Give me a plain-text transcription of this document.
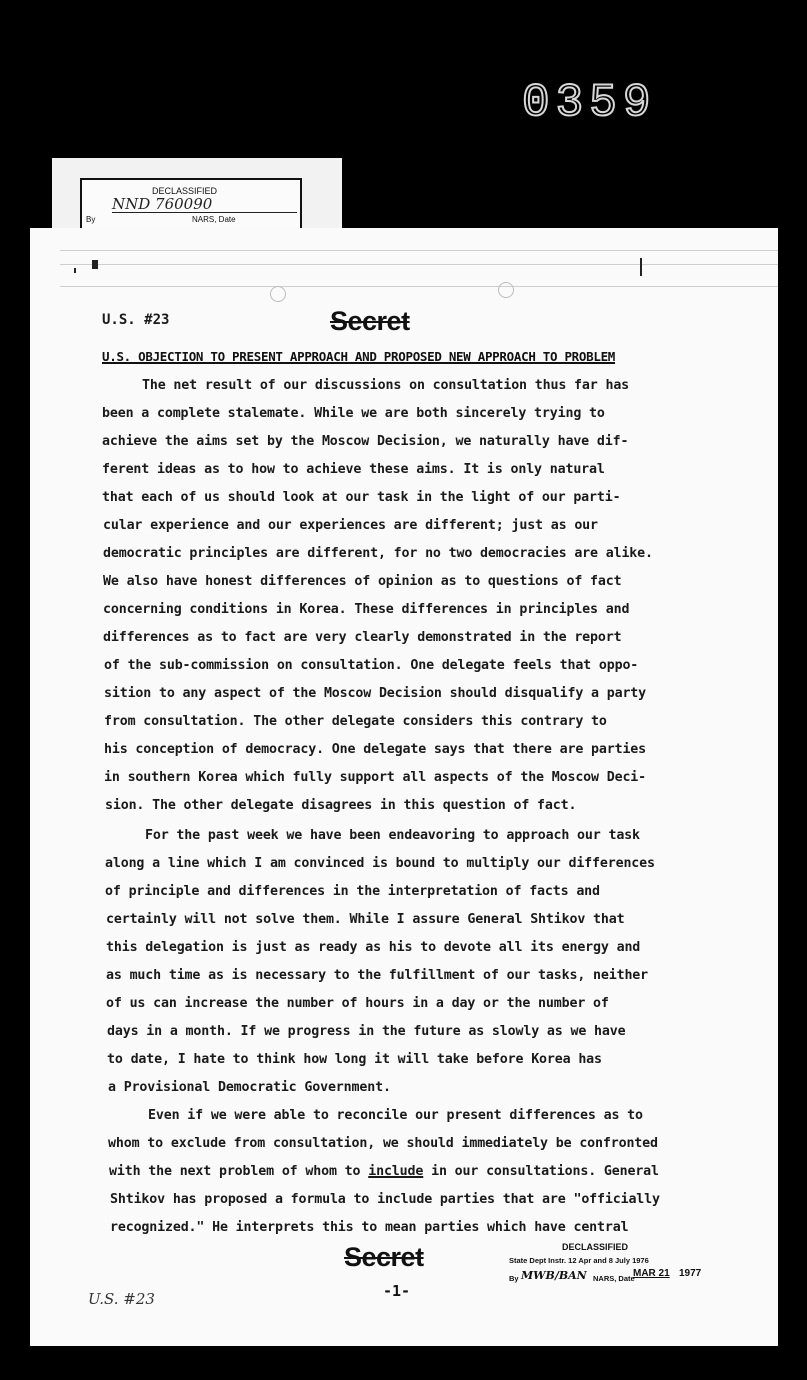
0359
DECLASSIFIED
NND 760090
By	NARS, Date
U.S. #23	Secret
U.S. OBJECTION TO PRESENT APPROACH AND PROPOSED NEW APPROACH TO PROBLEM
The net result of our discussions on consultation thus far has
been a complete stalemate. While we are both sincerely trying to
achieve the aims set by the Moscow Decision, we naturally have dif-
ferent ideas as to how to achieve these aims. It is only natural
that each of us should look at our task in the light of our parti-
cular experience and our experiences are different; just as our
democratic principles are different, for no two democracies are alike.
We also have honest differences of opinion as to questions of fact
concerning conditions in Korea. These differences in principles and
differences as to fact are very clearly demonstrated in the report
of the sub-commission on consultation. One delegate feels that oppo-
sition to any aspect of the Moscow Decision should disqualify a party
from consultation. The other delegate considers this contrary to
his conception of democracy. One delegate says that there are parties
in southern Korea which fully support all aspects of the Moscow Deci-
sion. The other delegate disagrees in this question of fact.
For the past week we have been endeavoring to approach our task
along a line which I am convinced is bound to multiply our differences
of principle and differences in the interpretation of facts and
certainly will not solve them. While I assure General Shtikov that
this delegation is just as ready as his to devote all its energy and
as much time as is necessary to the fulfillment of our tasks, neither
of us can increase the number of hours in a day or the number of
days in a month. If we progress in the future as slowly as we have
to date, I hate to think how long it will take before Korea has
a Provisional Democratic Government.
Even if we were able to reconcile our present differences as to
whom to exclude from consultation, we should immediately be confronted
with the next problem of whom to include in our consultations. General
Shtikov has proposed a formula to include parties that are "officially
recognized." He interprets this to mean parties which have central
Secret
-1-
U.S. #23
DECLASSIFIED
State Dept Instr. 12 Apr and 8 July 1976
By MWB/BAN NARS, Date
MAR 21 1977
